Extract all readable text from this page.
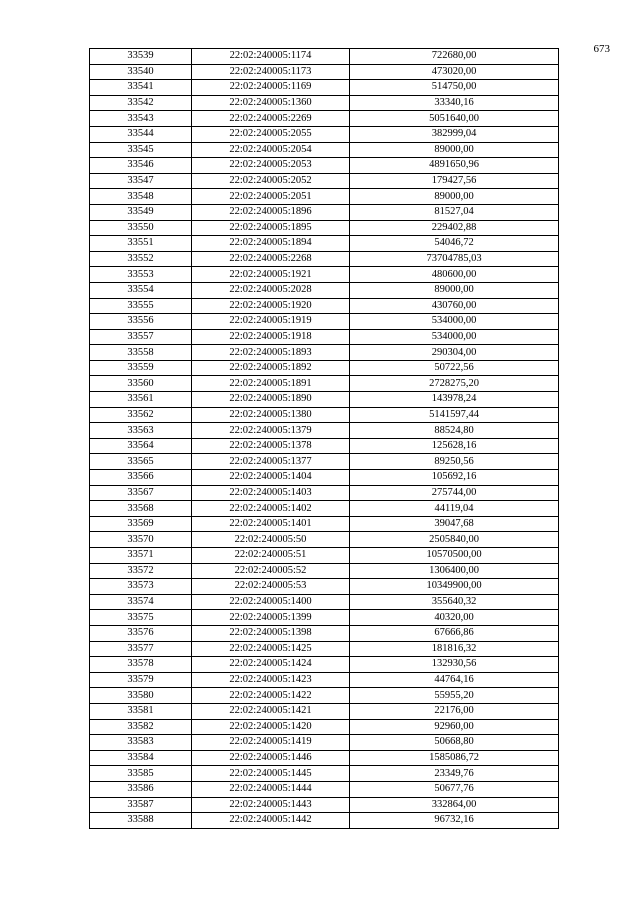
673
33539	22:02:240005:1174	722680,00
33540	22:02:240005:1173	473020,00
33541	22:02:240005:1169	514750,00
33542	22:02:240005:1360	33340,16
33543	22:02:240005:2269	5051640,00
33544	22:02:240005:2055	382999,04
33545	22:02:240005:2054	89000,00
33546	22:02:240005:2053	4891650,96
33547	22:02:240005:2052	179427,56
33548	22:02:240005:2051	89000,00
33549	22:02:240005:1896	81527,04
33550	22:02:240005:1895	229402,88
33551	22:02:240005:1894	54046,72
33552	22:02:240005:2268	73704785,03
33553	22:02:240005:1921	480600,00
33554	22:02:240005:2028	89000,00
33555	22:02:240005:1920	430760,00
33556	22:02:240005:1919	534000,00
33557	22:02:240005:1918	534000,00
33558	22:02:240005:1893	290304,00
33559	22:02:240005:1892	50722,56
33560	22:02:240005:1891	2728275,20
33561	22:02:240005:1890	143978,24
33562	22:02:240005:1380	5141597,44
33563	22:02:240005:1379	88524,80
33564	22:02:240005:1378	125628,16
33565	22:02:240005:1377	89250,56
33566	22:02:240005:1404	105692,16
33567	22:02:240005:1403	275744,00
33568	22:02:240005:1402	44119,04
33569	22:02:240005:1401	39047,68
33570	22:02:240005:50	2505840,00
33571	22:02:240005:51	10570500,00
33572	22:02:240005:52	1306400,00
33573	22:02:240005:53	10349900,00
33574	22:02:240005:1400	355640,32
33575	22:02:240005:1399	40320,00
33576	22:02:240005:1398	67666,86
33577	22:02:240005:1425	181816,32
33578	22:02:240005:1424	132930,56
33579	22:02:240005:1423	44764,16
33580	22:02:240005:1422	55955,20
33581	22:02:240005:1421	22176,00
33582	22:02:240005:1420	92960,00
33583	22:02:240005:1419	50668,80
33584	22:02:240005:1446	1585086,72
33585	22:02:240005:1445	23349,76
33586	22:02:240005:1444	50677,76
33587	22:02:240005:1443	332864,00
33588	22:02:240005:1442	96732,16
